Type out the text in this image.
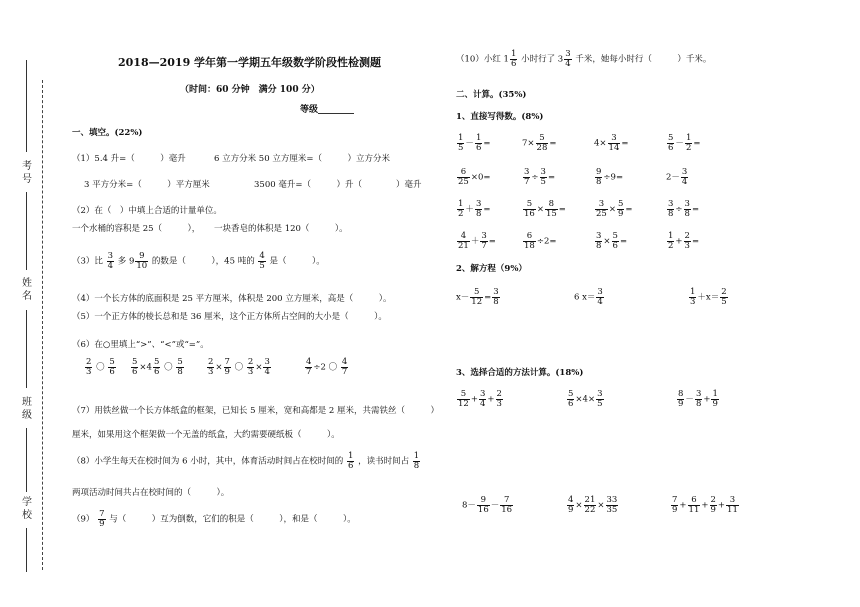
考号
姓名
班级
学校
2018—2019 学年第一学期五年级数学阶段性检测题
（时间：60 分钟　满分 100 分）
等级________
一、填空。(22%)
（1）5.4 升=（　　　）毫升	6 立方分米 50 立方厘米=（　　　）立方分米
3 平方分米=（　　　）平方厘米	3500 毫升=（　　　）升（　　　　）毫升
（2）在（　）中填上合适的计量单位。
一个水桶的容积是 25（　　　）， 一块香皂的体积是 120（　　　）。
（3）比 $\frac{3}{4}$ 多 $9 \frac{9}{10}$ 的数是（　　　），45 吨的 $\frac{4}{5}$ 是（　　　）。
（4）一个长方体的底面积是 25 平方厘米，体积是 200 立方厘米，高是（　　　）。
（5）一个正方体的棱长总和是 36 厘米，这个正方体所占空间的大小是（　　　）。
（6）在○里填上“>”、“<”或“=”。
$\frac{2}{3}$ 〇 $\frac{5}{6} \frac{5}{6} \times 4 \frac{5}{6}$ 〇 $\frac{5}{8}$	$\frac{2}{3} \times \frac{7}{9}$ 〇 $\frac{2}{3} \times \frac{3}{4}$	$\frac{4}{7} \div 2$ 〇 $\frac{4}{7}$
（7）用铁丝做一个长方体纸盒的框架，已知长 5 厘米，宽和高都是 2 厘米，共需铁丝（　　　）
厘米，如果用这个框架做一个无盖的纸盒，大约需要硬纸板（　　　）。
（8）小学生每天在校时间为 6 小时，其中，体育活动时间占在校时间的 $\frac{1}{6}$ ，读书时间占 $\frac{1}{8}$
两项活动时间共占在校时间的（　　　）。
$(9) \frac{7}{9}$ 与（　　　）互为倒数，它们的积是（　　　），和是（　　　）。
（10）小红 $1 \frac{1}{6}$ 小时行了 $3 \frac{3}{4}$ 千米，她每小时行（　　　）千米。
二、计算。(35%)
1、直接写得数。(8%)
$\frac{1}{5} - \frac{1}{6}$ =	$7\times \frac{5}{28}$ =	$4\times \frac{3}{14}$ =	$\frac{5}{6} - \frac{1}{2}$ =
$\frac{6}{25} \times 0=$	$\frac{3}{7} \div \frac{3}{5}$ =	$\frac{9}{8} \div 9=$	$2- \frac{3}{4}$
$\frac{1}{2} + \frac{3}{8}$ =	$\frac{5}{16} \times \frac{8}{15}$ =	$\frac{3}{25} \times \frac{5}{9}$ =	$\frac{3}{8} \div \frac{3}{8}$ =
$\frac{4}{21} + \frac{3}{7}$ =	$\frac{6}{18} \div 2=$	$\frac{3}{8} \times \frac{5}{6}$ =	$\frac{1}{2} + \frac{2}{3}$ =
2、解方程（9%）
$x- \frac{5}{12} = \frac{3}{8}$	6 $x= \frac{3}{4}$	$\frac{1}{3} +x= \frac{2}{5}$
3、选择合适的方法计算。(18%)
$\frac{5}{12} + \frac{3}{4} + \frac{2}{3}$	$\frac{5}{6} \times 4\times \frac{3}{5}$	$\frac{8}{9} - \frac{3}{8} + \frac{1}{9}$
$8- \frac{9}{16} - \frac{7}{16}$	$\frac{4}{9} \times \frac{21}{22} \times \frac{33}{35}$	$\frac{7}{9} + \frac{6}{11} + \frac{2}{9} + \frac{3}{11}$
